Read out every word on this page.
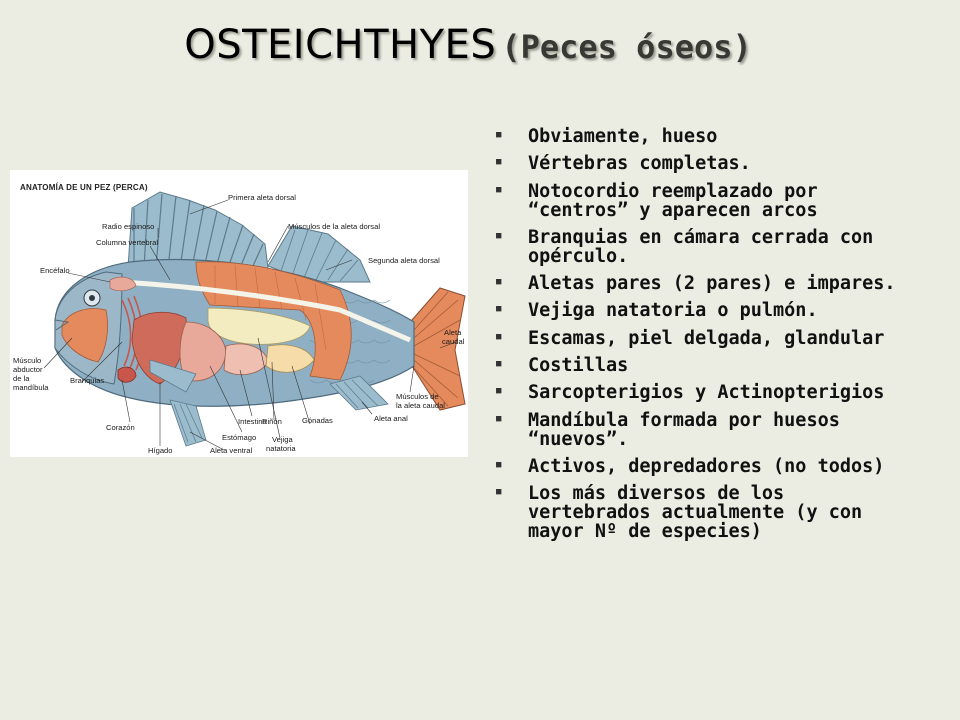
OSTEICHTHYES (Peces óseos)

ANATOMÍA DE UN PEZ (PERCA)

Primera aleta dorsal
Radio espinoso	Músculos de la aleta dorsal
Columna vertebral
Segunda aleta dorsal
Encéfalo
Músculo
abductor
de la
mandíbula
Branquias
Aleta
caudal
Músculos de
la aleta caudal
Corazón
Intestino
Riñón	Gónadas	Aleta anal
Estómago Vejiga
natatoria
Hígado	Aleta ventral
■ Obviamente, hueso
■ Vértebras completas.
■ Notocordio reemplazado por
“centros” y aparecen arcos
■ Branquias en cámara cerrada con
opérculo.
■ Aletas pares (2 pares) e impares.
■ Vejiga natatoria o pulmón.
■ Escamas, piel delgada, glandular
■ Costillas
■ Sarcopterigios y Actinopterigios
■ Mandíbula formada por huesos
“nuevos”.
■ Activos, depredadores (no todos)
■ Los más diversos de los
vertebrados actualmente (y con
mayor Nº de especies)
